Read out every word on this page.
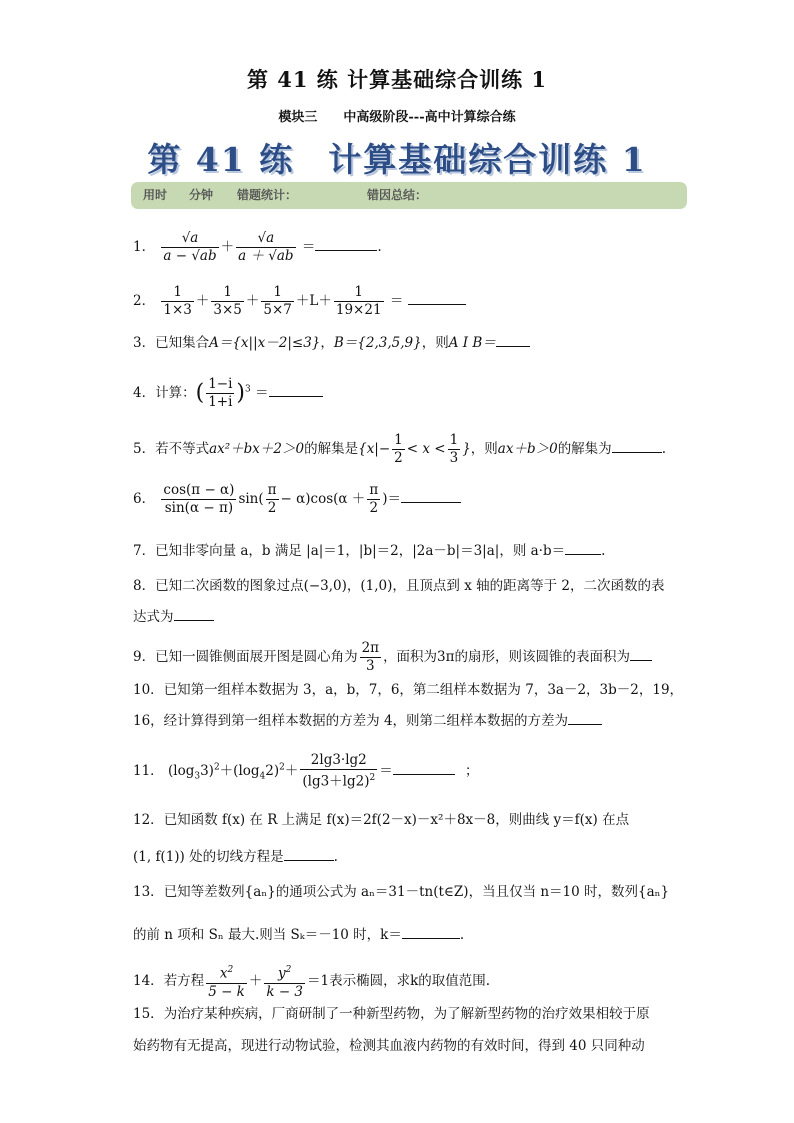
第 41 练 计算基础综合训练 1
模块三 中高级阶段---高中计算综合练
第 41 练 计算基础综合训练 1
用时 分钟 错题统计：	错因总结：
1． $\frac{√a}{a - √ab} + \frac{√a}{a + √ab}$ ＝	.
2． $\frac{1}{1\times 3} + \frac{1}{3\times 5} + \frac{1}{5\times 7} +L+ \frac{1}{19\times 21}$ ＝
3．已知集合A＝{x||x－2|≤3}，B＝{2,3,5,9}，则A I B＝
4．计算：( $\frac{1-i}{1+i} )^3$ ＝
5．若不等式ax²＋bx＋2＞0的解集是{$x|- \frac{1}{2} < x < \frac{1}{3}$ }，则ax＋b＞0的解集为	.
6． $\frac{\cos(\pi - \alpha)}{\sin(\alpha - \pi)} \sin( \frac{\pi}{2} - \alpha)\cos(\alpha + \frac{\pi}{2}$ )＝
7．已知非零向量 a，b 满足 |a|＝1，|b|＝2，|2a－b|＝3|a|，则 a·b＝	.
8．已知二次函数的图象过点(−3,0)，(1,0)，且顶点到 x 轴的距离等于 2，二次函数的表
达式为
9．已知一圆锥侧面展开图是圆心角为 $\frac{2\pi}{3}$ ，面积为3π的扇形，则该圆锥的表面积为
10．已知第一组样本数据为 3，a，b，7，6，第二组样本数据为 7，3a－2，3b－2，19，
16，经计算得到第一组样本数据的方差为 4，则第二组样本数据的方差为
11． $(\log_33)^2+(\log_42)^2+ \frac{2\lg 3\cdot\lg 2}{(\lg 3+\lg 2)^2}$ ＝	；
12．已知函数 f(x) 在 R 上满足 f(x)＝2f(2－x)－x²＋8x－8，则曲线 y＝f(x) 在点
(1, f(1)) 处的切线方程是	.
13．已知等差数列{aₙ}的通项公式为 aₙ＝31－tn(t∈Z)，当且仅当 n＝10 时，数列{aₙ}
的前 n 项和 Sₙ 最大.则当 Sₖ＝－10 时，k＝	.
14．若方程 $\frac{x^2}{5 - k} + \frac{y^2}{k - 3} =1$表示椭圆，求k的取值范围.
15．为治疗某种疾病，厂商研制了一种新型药物，为了解新型药物的治疗效果相较于原
始药物有无提高，现进行动物试验，检测其血液内药物的有效时间，得到 40 只同种动
